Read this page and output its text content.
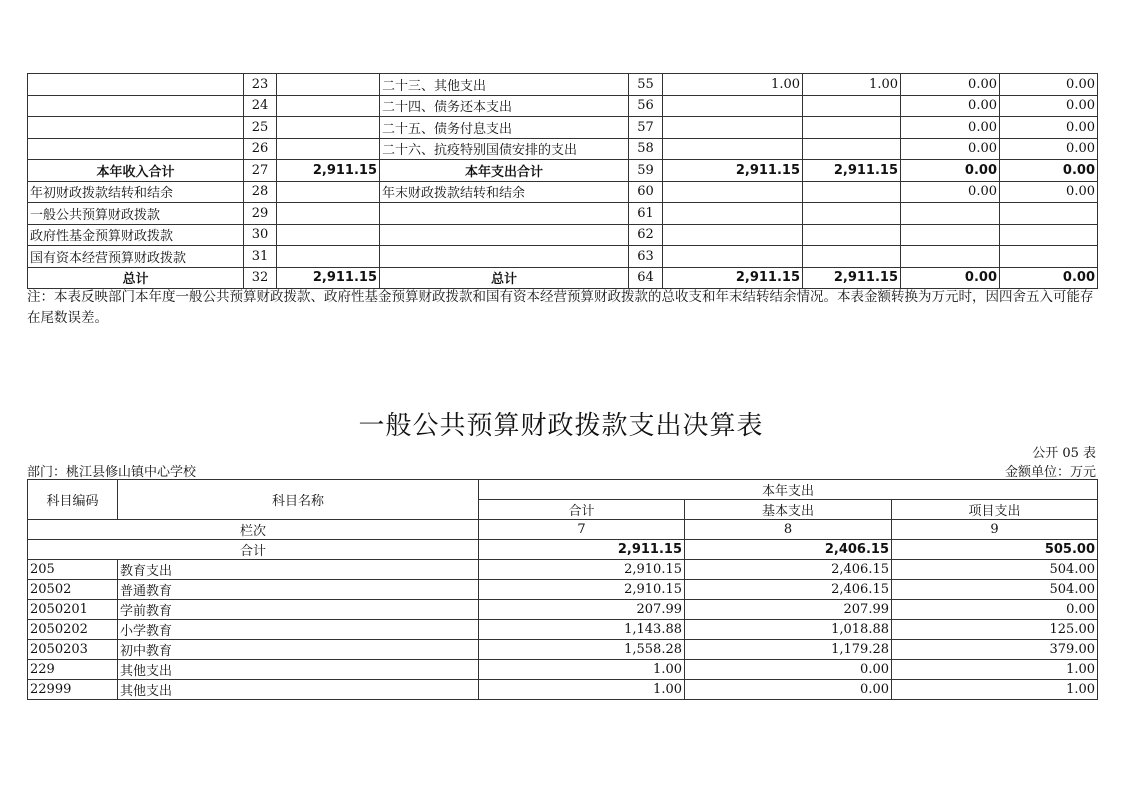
	23		二十三、其他支出	55	1.00	1.00	0.00	0.00
	24		二十四、债务还本支出	56			0.00	0.00
	25		二十五、债务付息支出	57			0.00	0.00
	26		二十六、抗疫特别国债安排的支出	58			0.00	0.00
本年收入合计	27	2,911.15	本年支出合计	59	2,911.15	2,911.15	0.00	0.00
年初财政拨款结转和结余	28		年末财政拨款结转和结余	60			0.00	0.00
一般公共预算财政拨款	29			61				
政府性基金预算财政拨款	30			62				
国有资本经营预算财政拨款	31			63				
总计	32	2,911.15	总计	64	2,911.15	2,911.15	0.00	0.00
注：本表反映部门本年度一般公共预算财政拨款、政府性基金预算财政拨款和国有资本经营预算财政拨款的总收支和年末结转结余情况。本表金额转换为万元时，因四舍五入可能存在尾数误差。
一般公共预算财政拨款支出决算表
公开 05 表
部门：桃江县修山镇中心学校	金额单位：万元
科目编码	科目名称	本年支出		
		合计	基本支出	项目支出
栏次		7	8	9
合计		2,911.15	2,406.15	505.00
205	教育支出	2,910.15	2,406.15	504.00
20502	普通教育	2,910.15	2,406.15	504.00
2050201	学前教育	207.99	207.99	0.00
2050202	小学教育	1,143.88	1,018.88	125.00
2050203	初中教育	1,558.28	1,179.28	379.00
229	其他支出	1.00	0.00	1.00
22999	其他支出	1.00	0.00	1.00
